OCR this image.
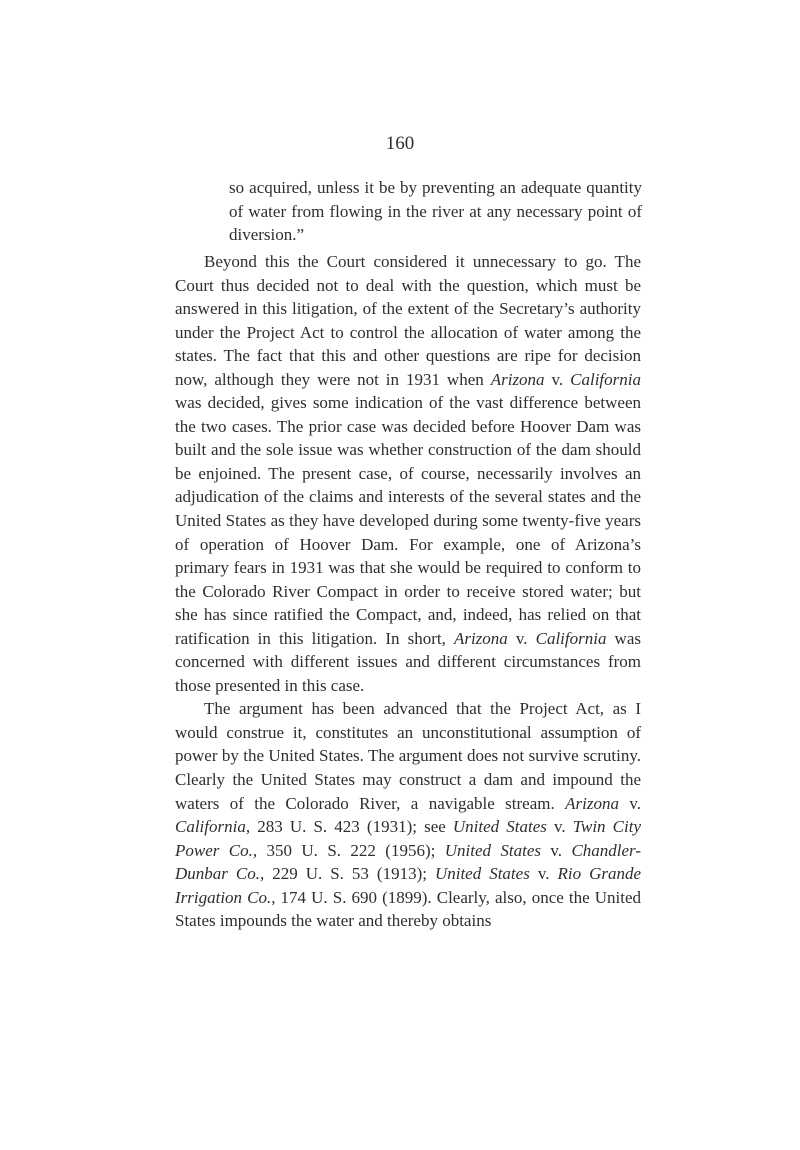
160
so acquired, unless it be by preventing an adequate quantity of water from flowing in the river at any necessary point of diversion.”

Beyond this the Court considered it unnecessary to go. The Court thus decided not to deal with the question, which must be answered in this litigation, of the extent of the Secretary’s authority under the Project Act to control the allocation of water among the states. The fact that this and other questions are ripe for decision now, although they were not in 1931 when Arizona v. California was decided, gives some indication of the vast difference between the two cases. The prior case was decided before Hoover Dam was built and the sole issue was whether construction of the dam should be enjoined. The present case, of course, necessarily involves an adjudication of the claims and interests of the several states and the United States as they have developed during some twenty-five years of operation of Hoover Dam. For example, one of Arizona’s primary fears in 1931 was that she would be required to conform to the Colorado River Compact in order to receive stored water; but she has since ratified the Compact, and, indeed, has relied on that ratification in this litigation. In short, Arizona v. California was concerned with different issues and different circumstances from those presented in this case.

The argument has been advanced that the Project Act, as I would construe it, constitutes an unconstitutional assumption of power by the United States. The argument does not survive scrutiny. Clearly the United States may construct a dam and impound the waters of the Colorado River, a navigable stream. Arizona v. California, 283 U. S. 423 (1931); see United States v. Twin City Power Co., 350 U. S. 222 (1956); United States v. Chandler-Dunbar Co., 229 U. S. 53 (1913); United States v. Rio Grande Irrigation Co., 174 U. S. 690 (1899). Clearly, also, once the United States impounds the water and thereby obtains
